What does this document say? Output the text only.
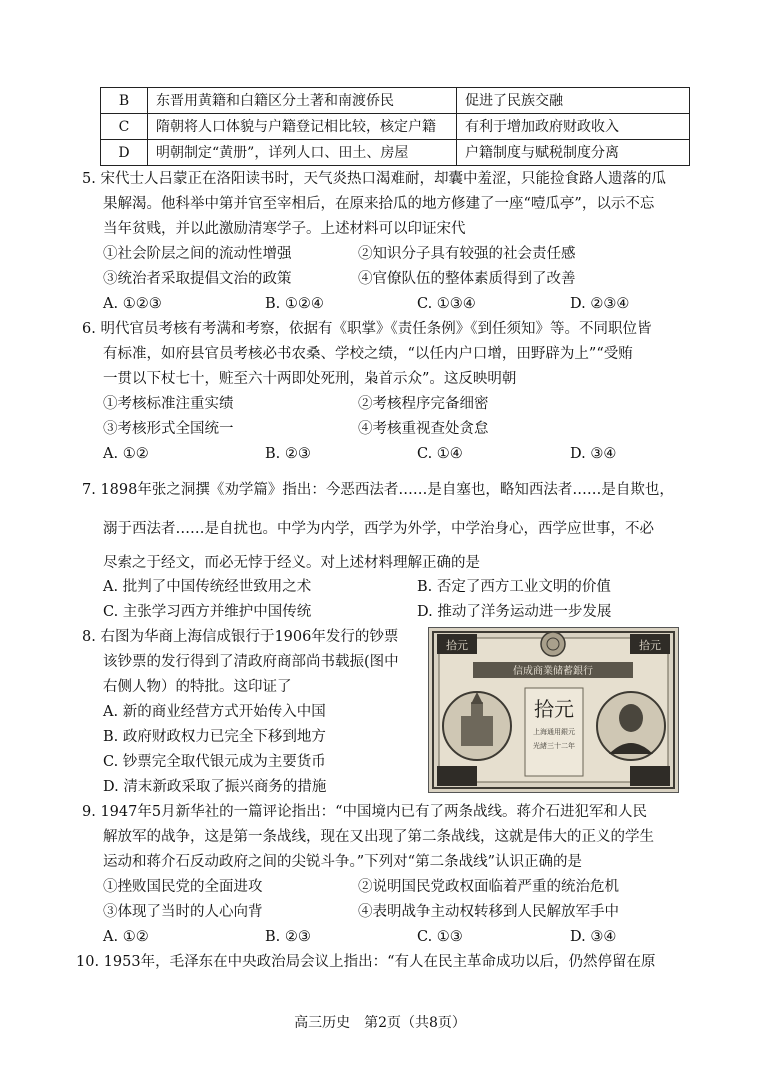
B	东晋用黄籍和白籍区分土著和南渡侨民	促进了民族交融
C	隋朝将人口体貌与户籍登记相比较，核定户籍	有利于增加政府财政收入
D	明朝制定“黄册”，详列人口、田土、房屋	户籍制度与赋税制度分离
5. 宋代士人吕蒙正在洛阳读书时，天气炎热口渴难耐，却囊中羞涩，只能捡食路人遗落的瓜
果解渴。他科举中第并官至宰相后，在原来拾瓜的地方修建了一座“噎瓜亭”，以示不忘
当年贫贱，并以此激励清寒学子。上述材料可以印证宋代
①社会阶层之间的流动性增强	②知识分子具有较强的社会责任感
③统治者采取提倡文治的政策	④官僚队伍的整体素质得到了改善
A. ①②③	B. ①②④	C. ①③④	D. ②③④
6. 明代官员考核有考满和考察，依据有《职掌》《责任条例》《到任须知》等。不同职位皆
有标准，如府县官员考核必书农桑、学校之绩，“以任内户口增，田野辟为上”“受贿
一贯以下杖七十，赃至六十两即处死刑，枭首示众”。这反映明朝
①考核标准注重实绩	②考核程序完备细密
③考核形式全国统一	④考核重视查处贪怠
A. ①②	B. ②③	C. ①④	D. ③④
7. 1898年张之洞撰《劝学篇》指出：今恶西法者……是自塞也，略知西法者……是自欺也，
溺于西法者……是自扰也。中学为内学，西学为外学，中学治身心，西学应世事，不必
尽索之于经文，而必无悖于经义。对上述材料理解正确的是
A. 批判了中国传统经世致用之术	B. 否定了西方工业文明的价值
C. 主张学习西方并维护中国传统	D. 推动了洋务运动进一步发展
8. 右图为华商上海信成银行于1906年发行的钞票
该钞票的发行得到了清政府商部尚书载振(图中
右侧人物）的特批。这印证了
A. 新的商业经营方式开始传入中国
B. 政府财政权力已完全下移到地方
C. 钞票完全取代银元成为主要货币
D. 清末新政采取了振兴商务的措施
拾元	拾元
信成商業储蓄銀行
拾元
上海通用銀元
光緒三十二年
9. 1947年5月新华社的一篇评论指出：“中国境内已有了两条战线。蒋介石进犯军和人民
解放军的战争，这是第一条战线，现在又出现了第二条战线，这就是伟大的正义的学生
运动和蒋介石反动政府之间的尖锐斗争。”下列对“第二条战线”认识正确的是
①挫败国民党的全面进攻	②说明国民党政权面临着严重的统治危机
③体现了当时的人心向背	④表明战争主动权转移到人民解放军手中
A. ①②	B. ②③	C. ①③	D. ③④
10. 1953年，毛泽东在中央政治局会议上指出：“有人在民主革命成功以后，仍然停留在原
高三历史　第2页（共8页）
